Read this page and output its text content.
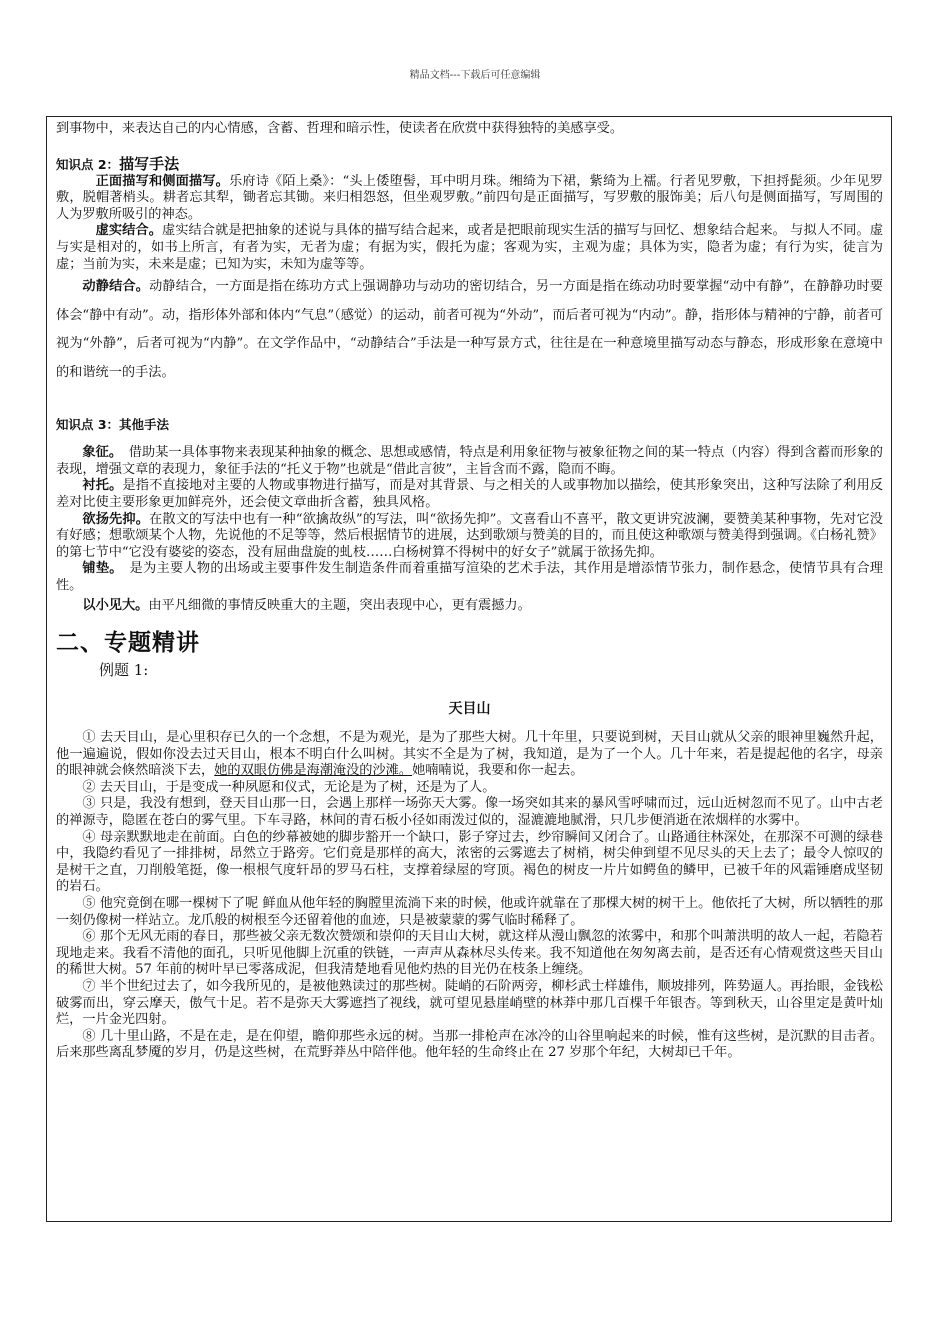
精品文档---下载后可任意编辑

到事物中，来表达自己的内心情感，含蓄、哲理和暗示性，使读者在欣赏中获得独特的美感享受。

知识点 2：描写手法

正面描写和侧面描写。乐府诗《陌上桑》：“头上倭堕髻，耳中明月珠。缃绮为下裙，紫绮为上襦。行者见罗敷，下担捋髭须。少年见罗敷，脱帽著梢头。耕者忘其犁，锄者忘其锄。来归相怨怒，但坐观罗敷。”前四句是正面描写，写罗敷的服饰美；后八句是侧面描写，写周围的人为罗敷所吸引的神态。

虚实结合。虚实结合就是把抽象的述说与具体的描写结合起来，或者是把眼前现实生活的描写与回忆、想象结合起来。 与拟人不同。虚与实是相对的，如书上所言，有者为实，无者为虚；有据为实，假托为虚；客观为实，主观为虚；具体为实，隐者为虚；有行为实，徒言为虚；当前为实，未来是虚；已知为实，未知为虚等等。

动静结合。动静结合，一方面是指在练功方式上强调静功与动功的密切结合，另一方面是指在练动功时要掌握“动中有静”，在静静功时要体会“静中有动”。动，指形体外部和体内“气息”（感觉）的运动，前者可视为“外动”，而后者可视为“内动”。静，指形体与精神的宁静，前者可视为“外静”，后者可视为“内静”。在文学作品中，“动静结合”手法是一种写景方式，往往是在一种意境里描写动态与静态，形成形象在意境中的和谐统一的手法。

知识点 3：其他手法

象征。　借助某一具体事物来表现某种抽象的概念、思想或感情，特点是利用象征物与被象征物之间的某一特点（内容）得到含蓄而形象的表现，增强文章的表现力，象征手法的“托义于物”也就是“借此言彼”，主旨含而不露，隐而不晦。

衬托。是指不直接地对主要的人物或事物进行描写，而是对其背景、与之相关的人或事物加以描绘，使其形象突出，这种写法除了利用反差对比使主要形象更加鲜亮外，还会使文章曲折含蓄，独具风格。

欲扬先抑。在散文的写法中也有一种“欲擒故纵”的写法，叫“欲扬先抑”。文喜看山不喜平，散文更讲究波澜，要赞美某种事物，先对它没有好感；想歌颂某个人物，先说他的不足等等，然后根据情节的进展，达到歌颂与赞美的目的，而且使这种歌颂与赞美得到强调。《白杨礼赞》的第七节中“它没有婆娑的姿态，没有屈曲盘旋的虬枝……白杨树算不得树中的好女子”就属于欲扬先抑。

铺垫。　是为主要人物的出场或主要事件发生制造条件而着重描写渲染的艺术手法，其作用是增添情节张力，制作悬念，使情节具有合理性。

以小见大。由平凡细微的事情反映重大的主题，突出表现中心，更有震撼力。

二、专题精讲

例题 1:

天目山

① 去天目山，是心里积存已久的一个念想，不是为观光，是为了那些大树。几十年里，只要说到树，天目山就从父亲的眼神里巍然升起，他一遍遍说，假如你没去过天目山，根本不明白什么叫树。其实不全是为了树，我知道，是为了一个人。几十年来，若是提起他的名字，母亲的眼神就会倏然暗淡下去，她的双眼仿佛是海潮淹没的沙滩。她喃喃说，我要和你一起去。

② 去天目山，于是变成一种夙愿和仪式，无论是为了树，还是为了人。

③ 只是，我没有想到，登天目山那一日，会遇上那样一场弥天大雾。像一场突如其来的暴风雪呼啸而过，远山近树忽而不见了。山中古老的禅源寺，隐匿在苍白的雾气里。下车寻路，林间的青石板小径如雨泼过似的，湿漉漉地腻滑，只几步便消逝在浓烟样的水雾中。

④ 母亲默默地走在前面。白色的纱幕被她的脚步豁开一个缺口，影子穿过去，纱帘瞬间又闭合了。山路通往林深处，在那深不可测的绿巷中，我隐约看见了一排排树，昂然立于路旁。它们竟是那样的高大，浓密的云雾遮去了树梢，树尖伸到望不见尽头的天上去了；最令人惊叹的是树干之直，刀削般笔挺，像一根根气度轩昂的罗马石柱，支撑着绿屋的穹顶。褐色的树皮一片片如鳄鱼的鳞甲，已被千年的风霜锤磨成坚韧的岩石。

⑤ 他究竟倒在哪一棵树下了呢 鲜血从他年轻的胸膛里流淌下来的时候，他或许就靠在了那棵大树的树干上。他依托了大树，所以牺牲的那一刻仍像树一样站立。龙爪般的树根至今还留着他的血迹，只是被蒙蒙的雾气临时稀释了。

⑥ 那个无风无雨的春日，那些被父亲无数次赞颂和崇仰的天目山大树，就这样从漫山飘忽的浓雾中，和那个叫萧洪明的故人一起，若隐若现地走来。我看不清他的面孔，只听见他脚上沉重的铁链，一声声从森林尽头传来。我不知道他在匆匆离去前，是否还有心情观赏这些天目山的稀世大树。57 年前的树叶早已零落成泥，但我清楚地看见他灼热的目光仍在枝条上缠绕。

⑦ 半个世纪过去了，如今我所见的，是被他熟读过的那些树。陡峭的石阶两旁，柳杉武士样雄伟，顺坡排列，阵势逼人。再抬眼，金钱松破雾而出，穿云摩天，傲气十足。若不是弥天大雾遮挡了视线，就可望见悬崖峭壁的林莽中那几百棵千年银杏。等到秋天，山谷里定是黄叶灿烂，一片金光四射。

⑧ 几十里山路，不是在走，是在仰望，瞻仰那些永远的树。当那一排枪声在冰冷的山谷里响起来的时候，惟有这些树，是沉默的目击者。后来那些离乱梦魇的岁月，仍是这些树，在荒野莽丛中陪伴他。他年轻的生命终止在 27 岁那个年纪，大树却已千年。
